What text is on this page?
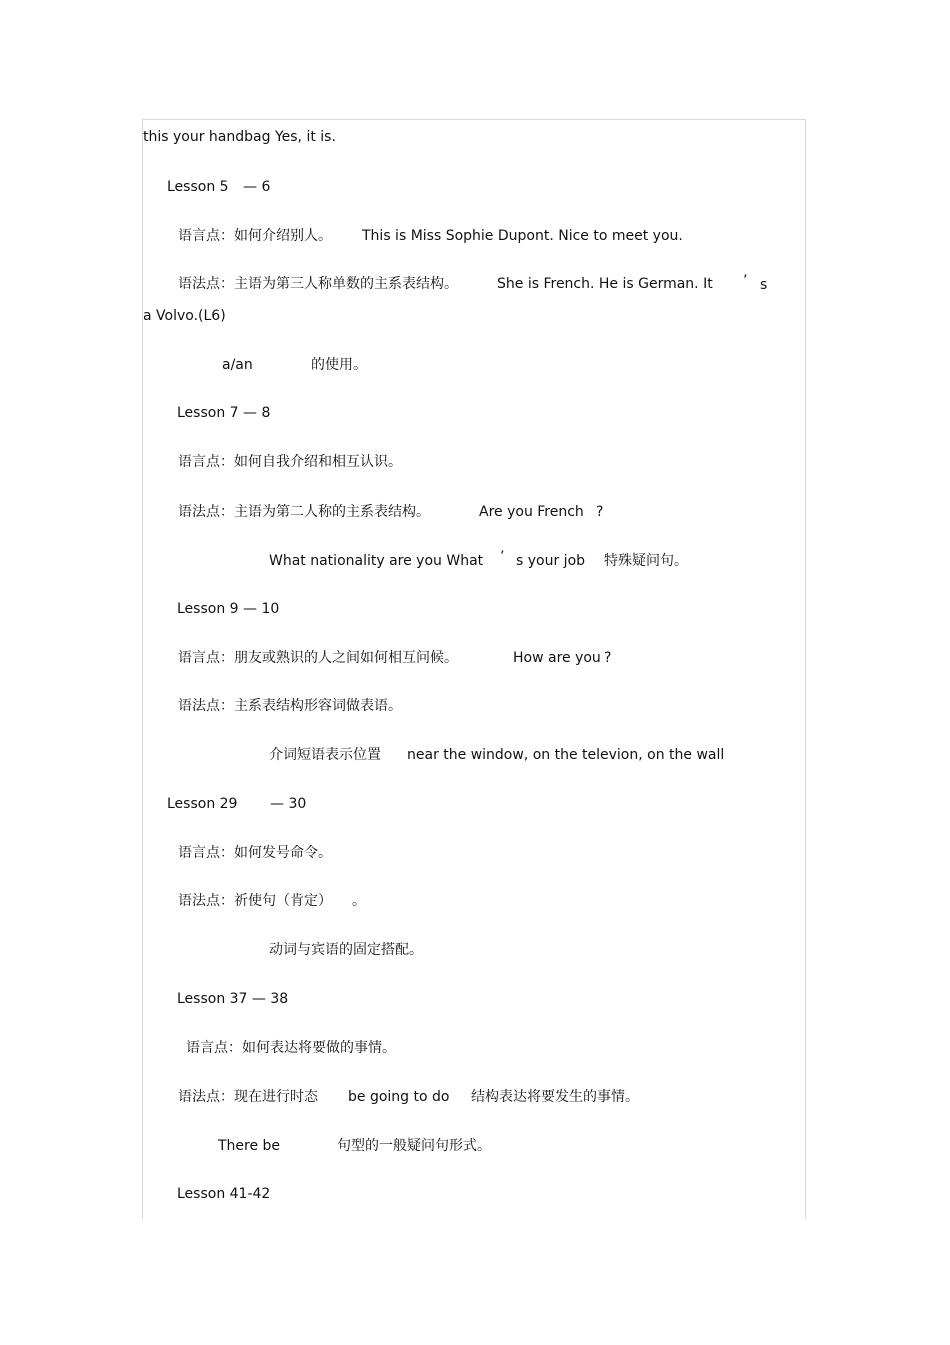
this your handbag Yes, it is.
Lesson 5 — 6
语言点：如何介绍别人。 This is Miss Sophie Dupont. Nice to meet you.
语法点：主语为第三人称单数的主系表结构。	She is French. He is German. It ’ s
a Volvo.(L6)
a/an	的使用。
Lesson 7 — 8
语言点：如何自我介绍和相互认识。
语法点：主语为第二人称的主系表结构。	Are you French ?
What nationality are you What ’ s your job 特殊疑问句。
Lesson 9 — 10
语言点：朋友或熟识的人之间如何相互问候。	How are you ?
语法点：主系表结构形容词做表语。
介词短语表示位置 near the window, on the televion, on the wall
Lesson 29 — 30
语言点：如何发号命令。
语法点：祈使句（肯定） 。
动词与宾语的固定搭配。
Lesson 37 — 38
语言点：如何表达将要做的事情。
语法点：现在进行时态 be going to do 结构表达将要发生的事情。
There be	句型的一般疑问句形式。
Lesson 41-42
